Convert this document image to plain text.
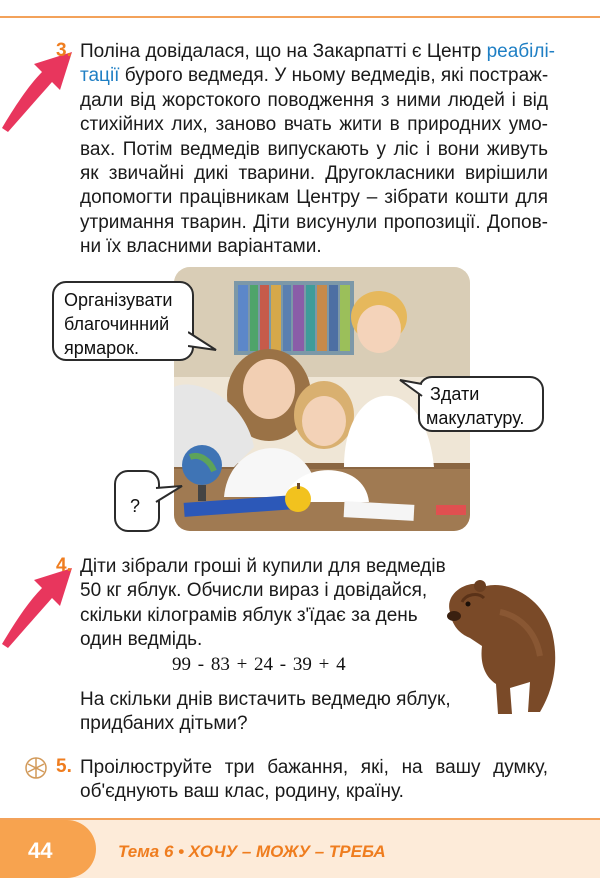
3. Поліна довідалася, що на Закарпатті є Центр реабілі-
тації бурого ведмедя. У ньому ведмедів, які постраж-
дали від жорстокого поводження з ними людей і від
стихійних лих, заново вчать жити в природних умо-
вах. Потім ведмедів випускають у ліс і вони живуть
як звичайні дикі тварини. Другокласники вирішили
допомогти працівникам Центру – зібрати кошти для
утримання тварин. Діти висунули пропозиції. Допов-
ни їх власними варіантами.
Організувати
благочинний
ярмарок.
Здати
макулатуру.
?
4. Діти зібрали гроші й купили для ведмедів
50 кг яблук. Обчисли вираз і довідайся,
скільки кілограмів яблук з'їдає за день
один ведмідь.
99 - 83 + 24 - 39 + 4
На скільки днів вистачить ведмедю яблук,
придбаних дітьми?
5. Проілюструйте три бажання, які, на вашу думку,
об'єднують ваш клас, родину, країну.
44	Тема 6 • ХОЧУ – МОЖУ – ТРЕБА
